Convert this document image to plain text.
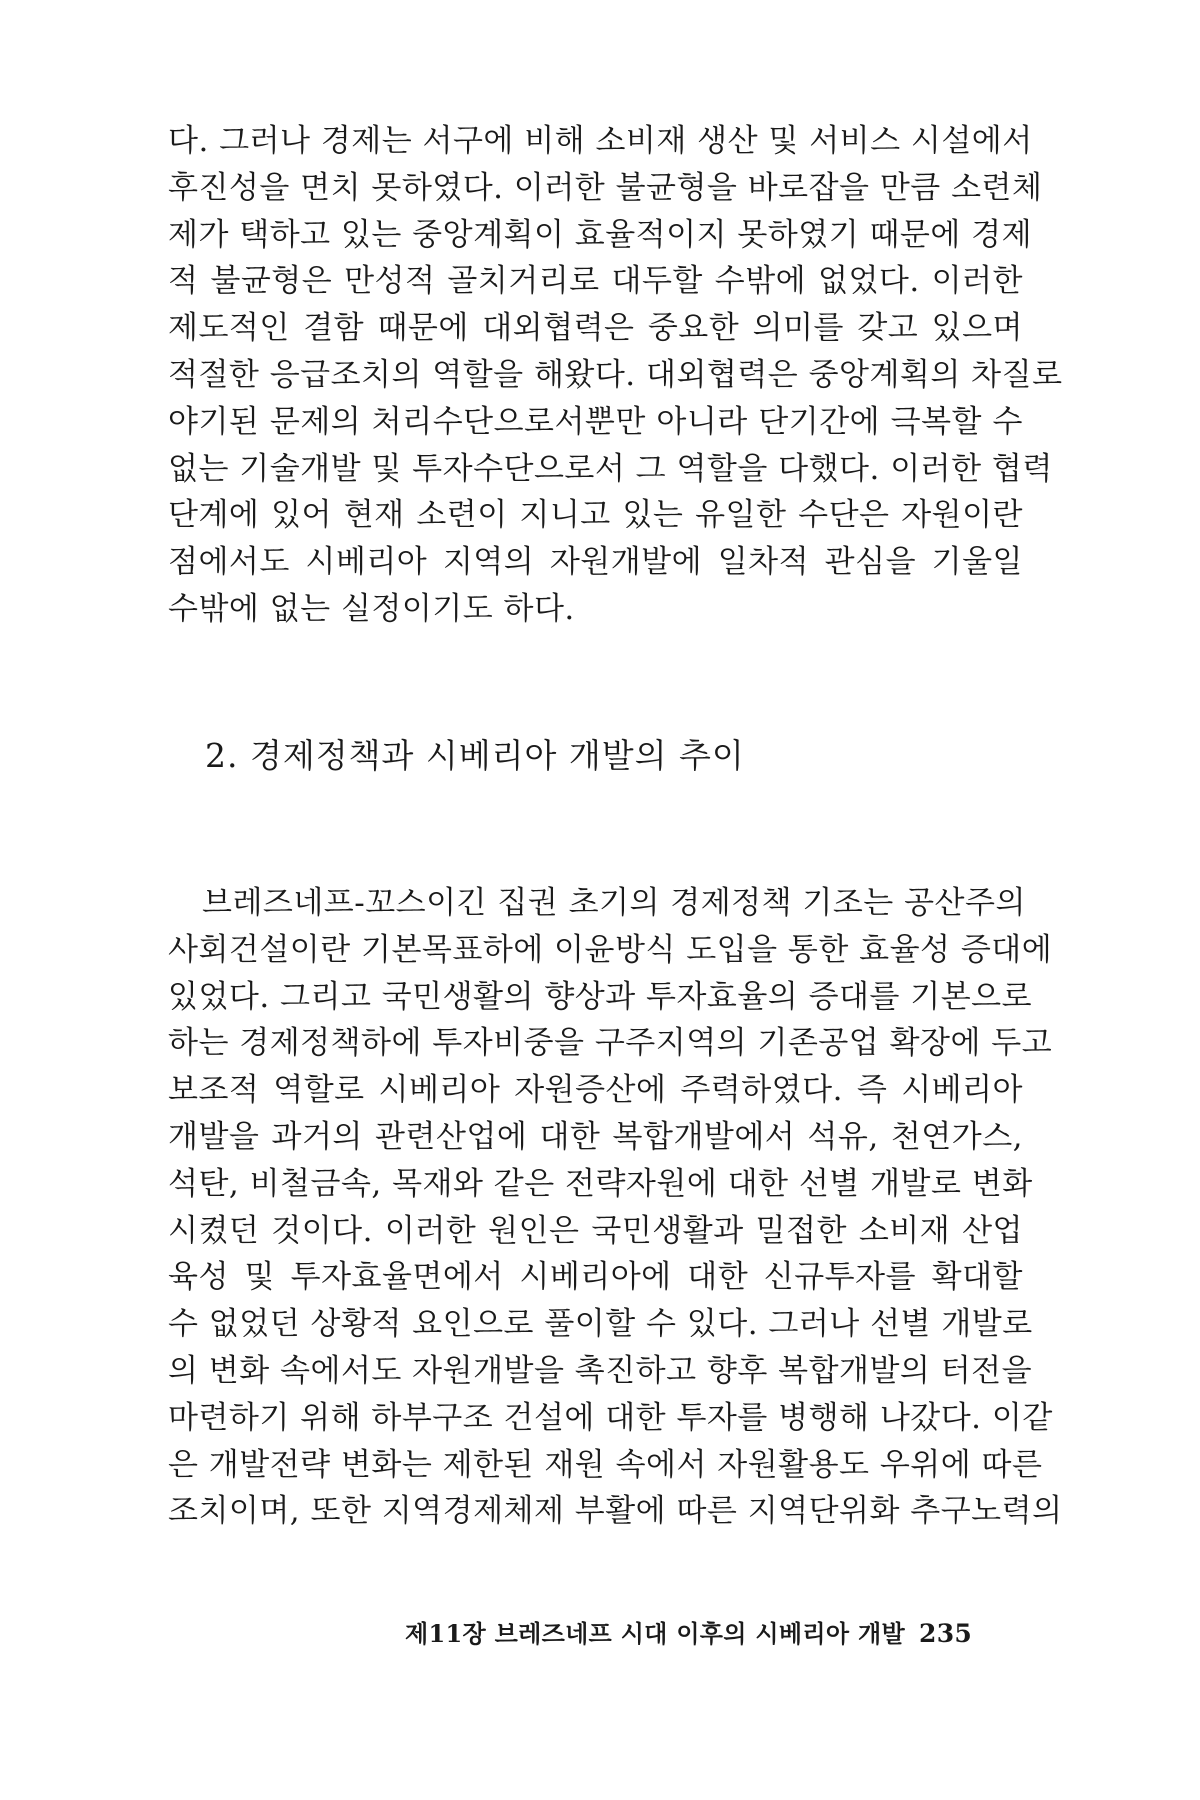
다. 그러나 경제는 서구에 비해 소비재 생산 및 서비스 시설에서
후진성을 면치 못하였다. 이러한 불균형을 바로잡을 만큼 소련체
제가 택하고 있는 중앙계획이 효율적이지 못하였기 때문에 경제
적 불균형은 만성적 골치거리로 대두할 수밖에 없었다. 이러한
제도적인 결함 때문에 대외협력은 중요한 의미를 갖고 있으며
적절한 응급조치의 역할을 해왔다. 대외협력은 중앙계획의 차질로
야기된 문제의 처리수단으로서뿐만 아니라 단기간에 극복할 수
없는 기술개발 및 투자수단으로서 그 역할을 다했다. 이러한 협력
단계에 있어 현재 소련이 지니고 있는 유일한 수단은 자원이란
점에서도 시베리아 지역의 자원개발에 일차적 관심을 기울일
수밖에 없는 실정이기도 하다.
2. 경제정책과 시베리아 개발의 추이
브레즈네프-꼬스이긴 집권 초기의 경제정책 기조는 공산주의
사회건설이란 기본목표하에 이윤방식 도입을 통한 효율성 증대에
있었다. 그리고 국민생활의 향상과 투자효율의 증대를 기본으로
하는 경제정책하에 투자비중을 구주지역의 기존공업 확장에 두고
보조적 역할로 시베리아 자원증산에 주력하였다. 즉 시베리아
개발을 과거의 관련산업에 대한 복합개발에서 석유, 천연가스,
석탄, 비철금속, 목재와 같은 전략자원에 대한 선별 개발로 변화
시켰던 것이다. 이러한 원인은 국민생활과 밀접한 소비재 산업
육성 및 투자효율면에서 시베리아에 대한 신규투자를 확대할
수 없었던 상황적 요인으로 풀이할 수 있다. 그러나 선별 개발로
의 변화 속에서도 자원개발을 촉진하고 향후 복합개발의 터전을
마련하기 위해 하부구조 건설에 대한 투자를 병행해 나갔다. 이같
은 개발전략 변화는 제한된 재원 속에서 자원활용도 우위에 따른
조치이며, 또한 지역경제체제 부활에 따른 지역단위화 추구노력의
제11장 브레즈네프 시대 이후의 시베리아 개발 235
